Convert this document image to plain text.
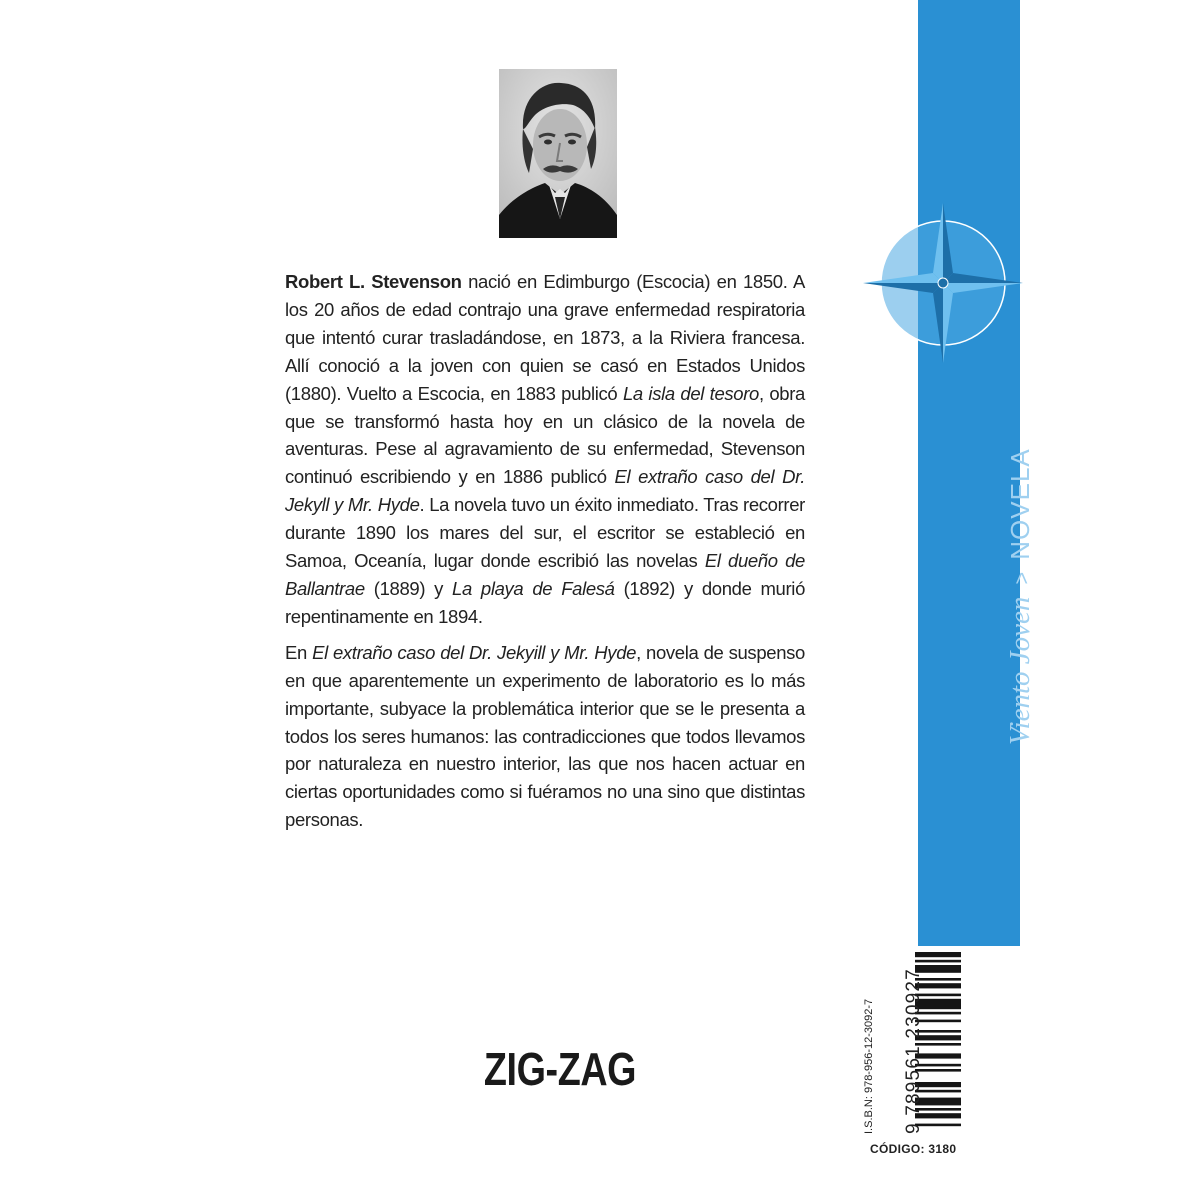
Robert L. Stevenson nació en Edimburgo (Escocia) en 1850. A los 20 años de edad contrajo una grave enfermedad respiratoria que intentó curar trasladándose, en 1873, a la Riviera francesa. Allí conoció a la joven con quien se casó en Estados Unidos (1880). Vuelto a Escocia, en 1883 publicó La isla del tesoro, obra que se transformó hasta hoy en un clásico de la novela de aventuras. Pese al agravamiento de su enfermedad, Stevenson continuó escribiendo y en 1886 publicó El extraño caso del Dr. Jekyll y Mr. Hyde. La novela tuvo un éxito inmediato. Tras recorrer durante 1890 los mares del sur, el escritor se estableció en Samoa, Oceanía, lugar donde escribió las novelas El dueño de Ballantrae (1889) y La playa de Falesá (1892) y donde murió repentinamente en 1894.

En El extraño caso del Dr. Jekyill y Mr. Hyde, novela de suspenso en que aparentemente un experimento de laboratorio es lo más importante, subyace la problemática interior que se le presenta a todos los seres humanos: las contradicciones que todos llevamos por naturaleza en nuestro interior, las que nos hacen actuar en ciertas oportunidades como si fuéramos no una sino que distintas personas.

ZIG-ZAG
Viento Joven>NOVELA
I.S.B.N: 978-956-12-3092-7 9 789561 230927
CÓDIGO: 3180
